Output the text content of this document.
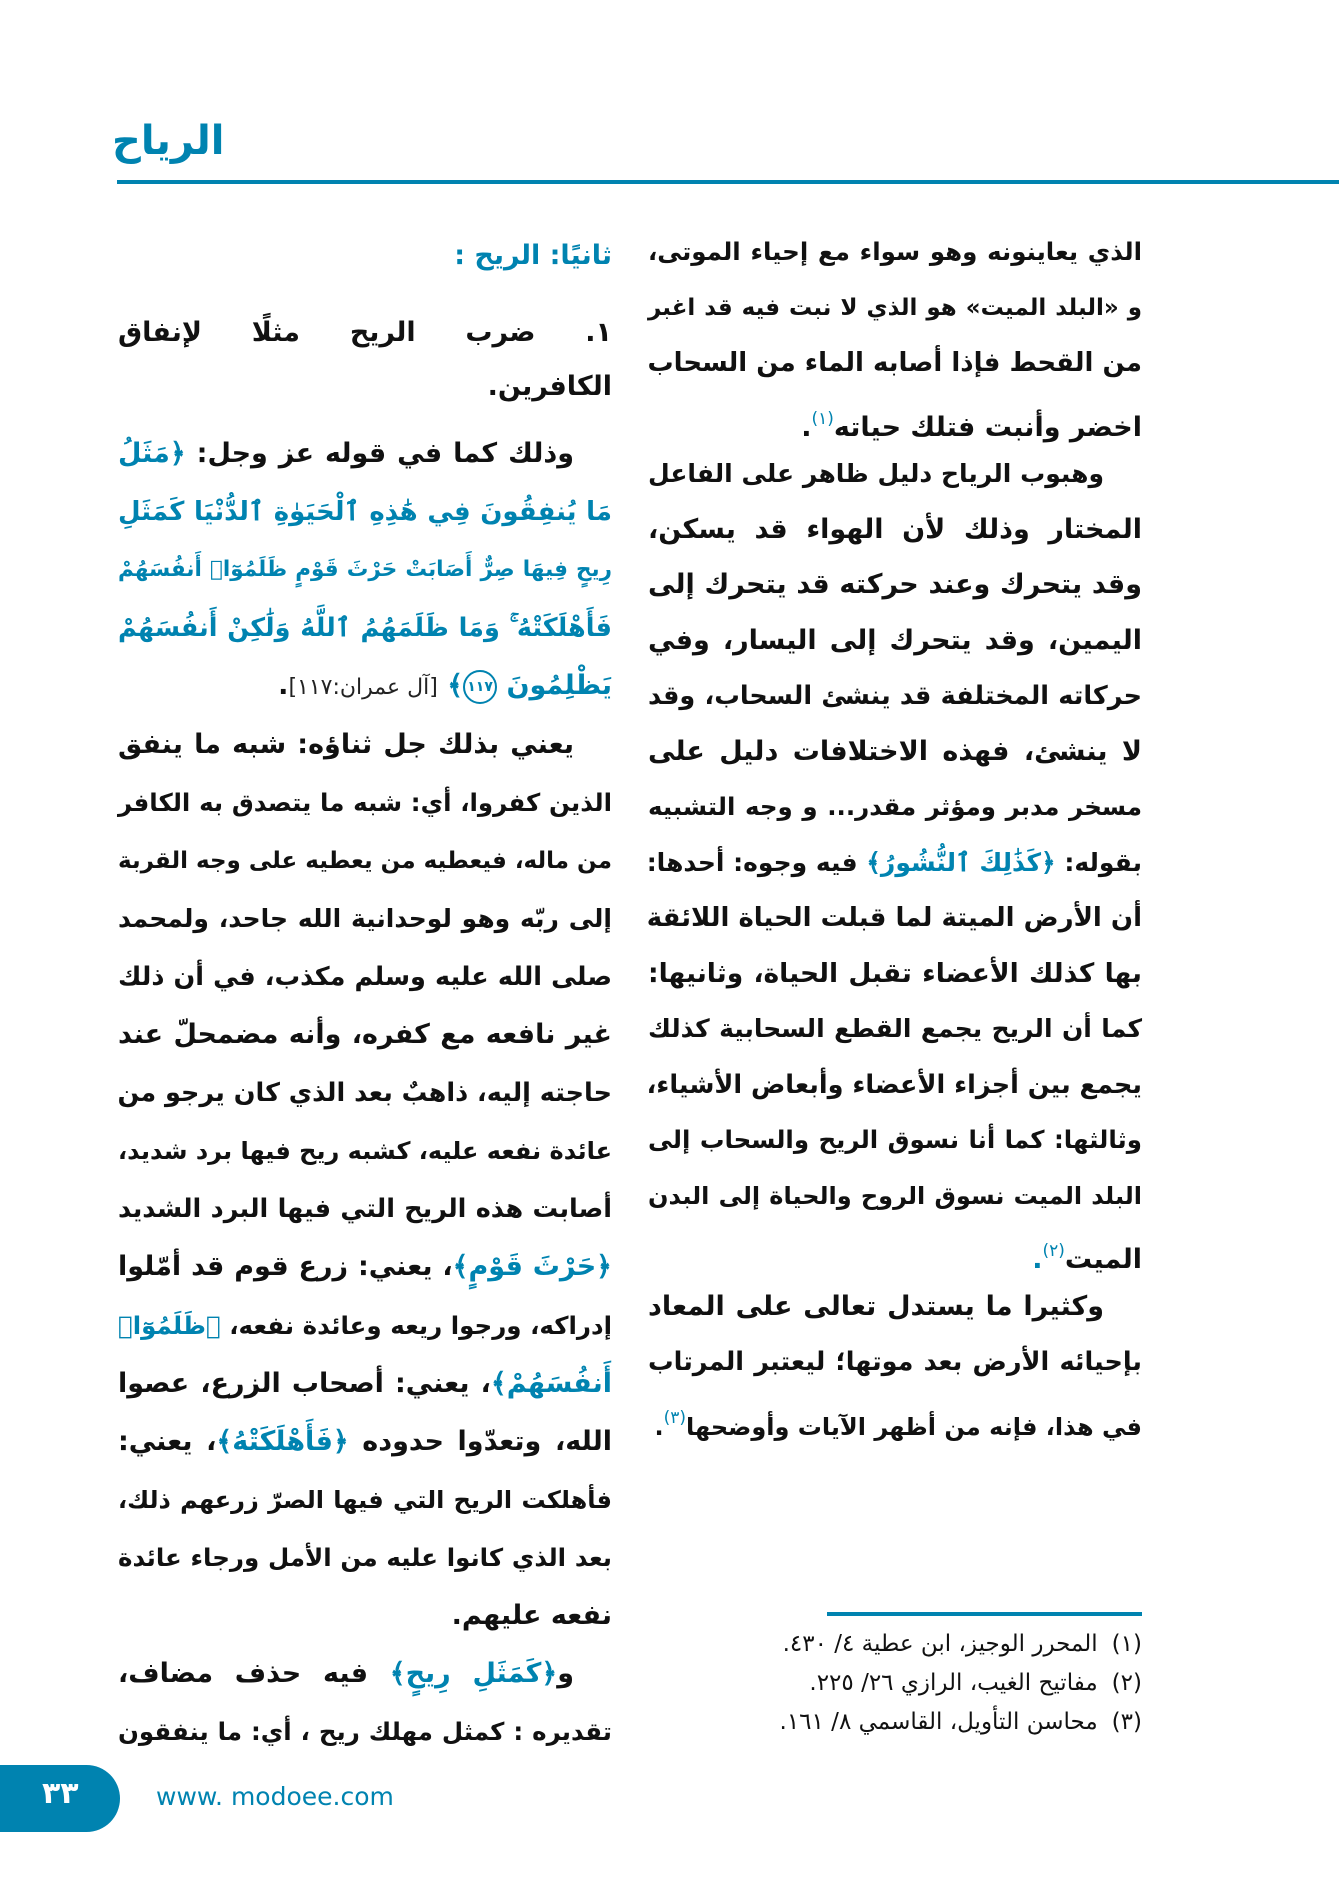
الرياح
الذي يعاينونه وهو سواء مع إحياء الموتى،
و «البلد الميت» هو الذي لا نبت فيه قد اغبر
من القحط فإذا أصابه الماء من السحاب
اخضر وأنبت فتلك حياته$^{(١)}$.
وهبوب الرياح دليل ظاهر على الفاعل
المختار وذلك لأن الهواء قد يسكن،
وقد يتحرك وعند حركته قد يتحرك إلى
اليمين، وقد يتحرك إلى اليسار، وفي
حركاته المختلفة قد ينشئ السحاب، وقد
لا ينشئ، فهذه الاختلافات دليل على
مسخر مدبر ومؤثر مقدر... و وجه التشبيه
بقوله: ﴿كَذَٰلِكَ ٱلنُّشُورُ﴾ فيه وجوه: أحدها:
أن الأرض الميتة لما قبلت الحياة اللائقة
بها كذلك الأعضاء تقبل الحياة، وثانيها:
كما أن الريح يجمع القطع السحابية كذلك
يجمع بين أجزاء الأعضاء وأبعاض الأشياء،
وثالثها: كما أنا نسوق الريح والسحاب إلى
البلد الميت نسوق الروح والحياة إلى البدن
الميت$^{(٢)}$.
وكثيرا ما يستدل تعالى على المعاد
بإحيائه الأرض بعد موتها؛ ليعتبر المرتاب
في هذا، فإنه من أظهر الآيات وأوضحها$^{(٣)}$.
ثانيًا: الريح :
١. ضرب الريح مثلًا لإنفاق
الكافرين.
وذلك كما في قوله عز وجل: ﴿مَثَلُ
مَا يُنفِقُونَ فِي هَٰذِهِ ٱلْحَيَوٰةِ ٱلدُّنْيَا كَمَثَلِ
رِيحٍ فِيهَا صِرٌّ أَصَابَتْ حَرْثَ قَوْمٍ ظَلَمُوٓا۟ أَنفُسَهُمْ
فَأَهْلَكَتْهُ ۚ وَمَا ظَلَمَهُمُ ٱللَّهُ وَلَٰكِنْ أَنفُسَهُمْ
يَظْلِمُونَ ١١٧﴾ [آل عمران:١١٧].
يعني بذلك جل ثناؤه: شبه ما ينفق
الذين كفروا، أي: شبه ما يتصدق به الكافر
من ماله، فيعطيه من يعطيه على وجه القربة
إلى ربّه وهو لوحدانية الله جاحد، ولمحمد
صلى الله عليه وسلم مكذب، في أن ذلك
غير نافعه مع كفره، وأنه مضمحلّ عند
حاجته إليه، ذاهبٌ بعد الذي كان يرجو من
عائدة نفعه عليه، كشبه ريح فيها برد شديد،
أصابت هذه الريح التي فيها البرد الشديد
﴿حَرْثَ قَوْمٍ﴾، يعني: زرع قوم قد أمّلوا
إدراكه، ورجوا ريعه وعائدة نفعه، ﴿ظَلَمُوٓا۟
أَنفُسَهُمْ﴾، يعني: أصحاب الزرع، عصوا
الله، وتعدّوا حدوده ﴿فَأَهْلَكَتْهُ﴾، يعني:
فأهلكت الريح التي فيها الصرّ زرعهم ذلك،
بعد الذي كانوا عليه من الأمل ورجاء عائدة
نفعه عليهم.
و﴿كَمَثَلِ رِيحٍ﴾ فيه حذف مضاف،
تقديره : كمثل مهلك ريح ، أي: ما ينفقون
(١)المحرر الوجيز، ابن عطية ٤/ ٤٣٠.
(٢)مفاتيح الغيب، الرازي ٢٦/ ٢٢٥.
(٣)محاسن التأويل، القاسمي ٨/ ١٦١.
٣٣	www. modoee.com
